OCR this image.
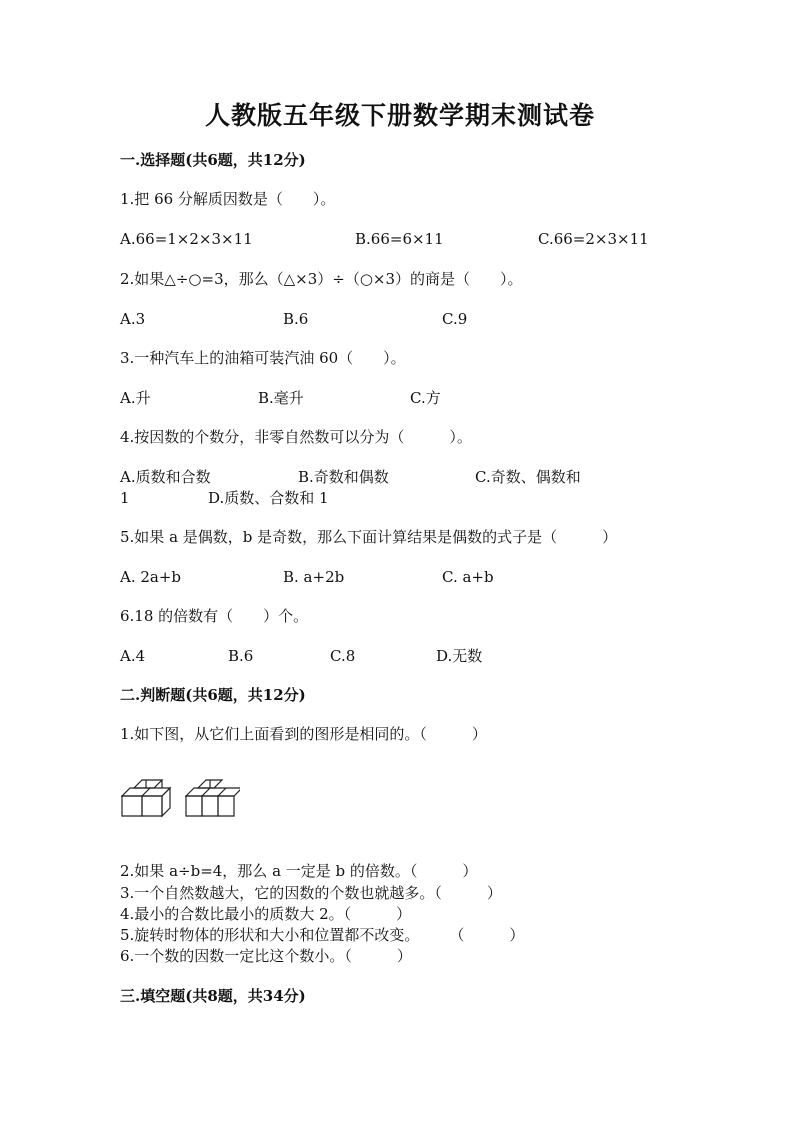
人教版五年级下册数学期末测试卷
一.选择题(共6题，共12分)
1.把 66 分解质因数是（　　）。
A.66=1×2×3×11	B.66=6×11	C.66=2×3×11
2.如果△÷○=3，那么（△×3）÷（○×3）的商是（　　）。
A.3	B.6	C.9
3.一种汽车上的油箱可装汽油 60（　　）。
A.升	B.毫升	C.方
4.按因数的个数分，非零自然数可以分为（　　　）。
A.质数和合数	B.奇数和偶数	C.奇数、偶数和
1	D.质数、合数和 1
5.如果 a 是偶数，b 是奇数，那么下面计算结果是偶数的式子是（　　　）
A. 2a+b	B. a+2b	C. a+b
6.18 的倍数有（　　）个。
A.4	B.6	C.8	D.无数
二.判断题(共6题，共12分)
1.如下图，从它们上面看到的图形是相同的。（　　　）
2.如果 a÷b=4，那么 a 一定是 b 的倍数。（　　　）
3.一个自然数越大，它的因数的个数也就越多。（　　　）
4.最小的合数比最小的质数大 2。（　　　）
5.旋转时物体的形状和大小和位置都不改变。　　　（　　　）
6.一个数的因数一定比这个数小。（　　　）
三.填空题(共8题，共34分)
